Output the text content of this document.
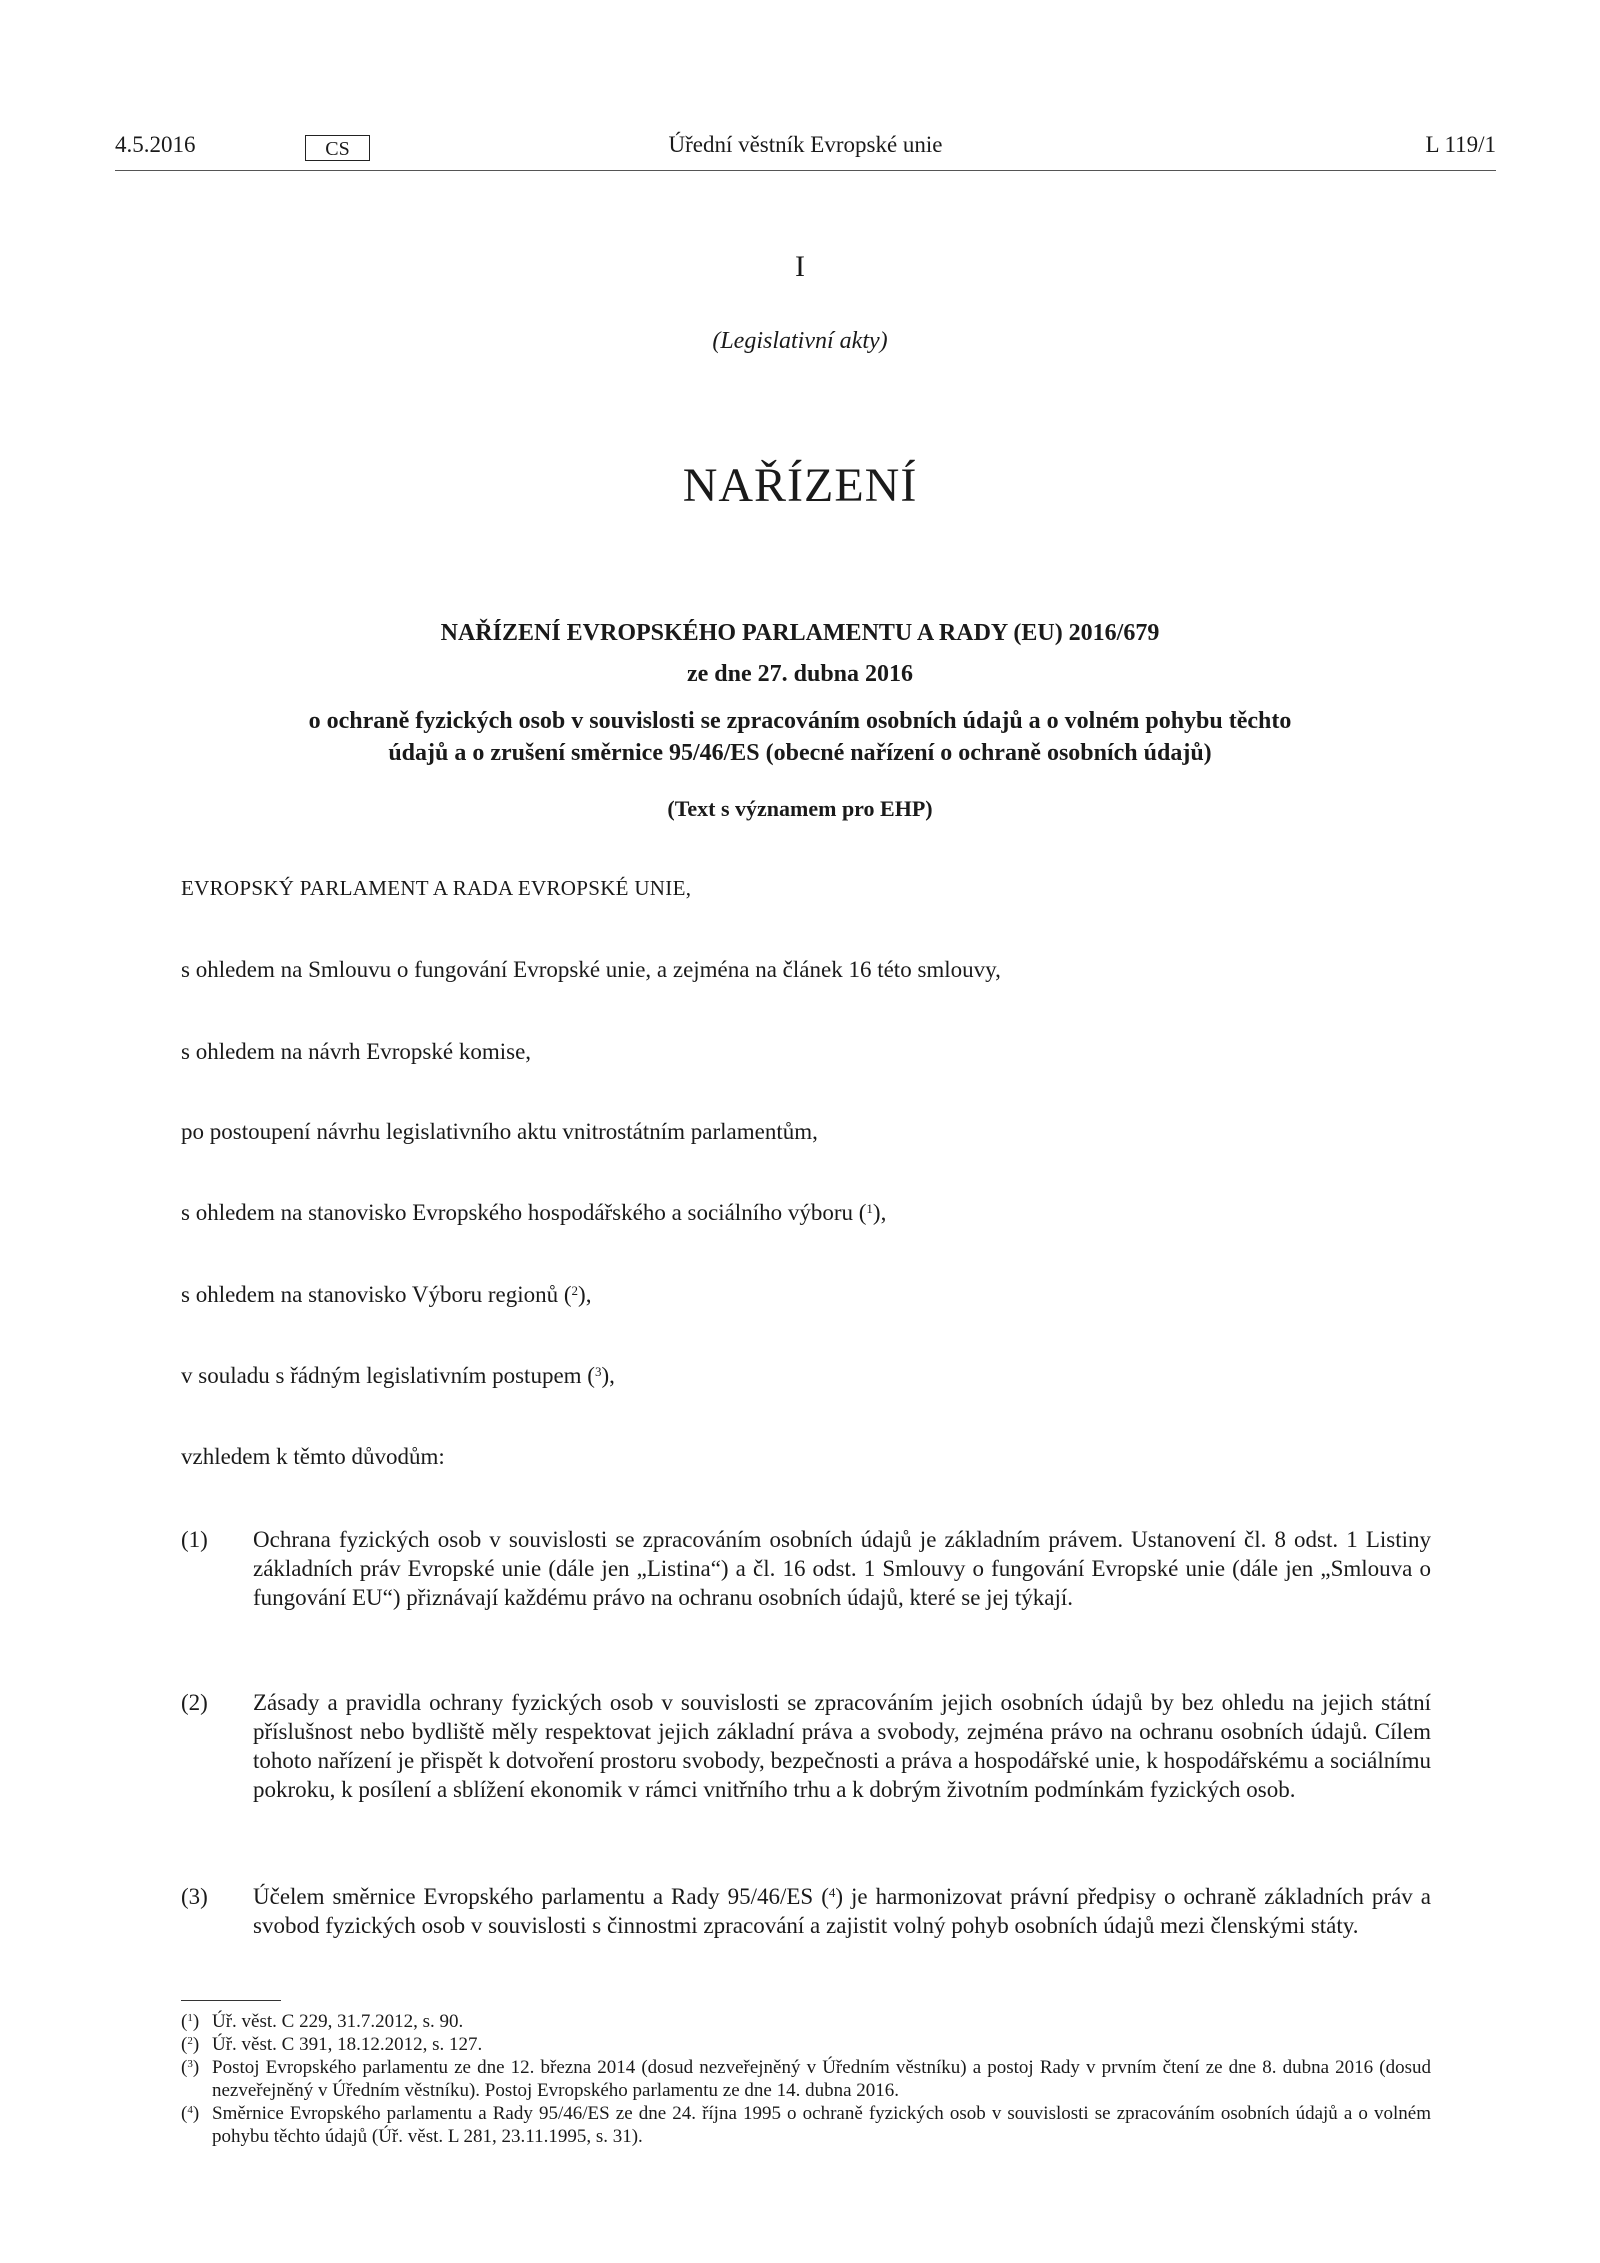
Úřední věstník Evropské unie
4.5.2016	CS	L 119/1
I
(Legislativní akty)
NAŘÍZENÍ
NAŘÍZENÍ EVROPSKÉHO PARLAMENTU A RADY (EU) 2016/679
ze dne 27. dubna 2016
o ochraně fyzických osob v souvislosti se zpracováním osobních údajů a o volném pohybu těchto
údajů a o zrušení směrnice 95/46/ES (obecné nařízení o ochraně osobních údajů)
(Text s významem pro EHP)
EVROPSKÝ PARLAMENT A RADA EVROPSKÉ UNIE,
s ohledem na Smlouvu o fungování Evropské unie, a zejména na článek 16 této smlouvy,
s ohledem na návrh Evropské komise,
po postoupení návrhu legislativního aktu vnitrostátním parlamentům,
s ohledem na stanovisko Evropského hospodářského a sociálního výboru ($^1$),
s ohledem na stanovisko Výboru regionů ($^2$),
v souladu s řádným legislativním postupem ($^3$),
vzhledem k těmto důvodům:
(1) Ochrana fyzických osob v souvislosti se zpracováním osobních údajů je základním právem. Ustanovení čl. 8 odst. 1 Listiny základních práv Evropské unie (dále jen „Listina“) a čl. 16 odst. 1 Smlouvy o fungování Evropské unie (dále jen „Smlouva o fungování EU“) přiznávají každému právo na ochranu osobních údajů, které se jej týkají.
(2) Zásady a pravidla ochrany fyzických osob v souvislosti se zpracováním jejich osobních údajů by bez ohledu na jejich státní příslušnost nebo bydliště měly respektovat jejich základní práva a svobody, zejména právo na ochranu osobních údajů. Cílem tohoto nařízení je přispět k dotvoření prostoru svobody, bezpečnosti a práva a hospodářské unie, k hospodářskému a sociálnímu pokroku, k posílení a sblížení ekonomik v rámci vnitřního trhu a k dobrým životním podmínkám fyzických osob.
(3) Účelem směrnice Evropského parlamentu a Rady 95/46/ES ($^4$) je harmonizovat právní předpisy o ochraně základních práv a svobod fyzických osob v souvislosti s činnostmi zpracování a zajistit volný pohyb osobních údajů mezi členskými státy.
($^1$) Úř. věst. C 229, 31.7.2012, s. 90.
($^2$) Úř. věst. C 391, 18.12.2012, s. 127.
($^3$) Postoj Evropského parlamentu ze dne 12. března 2014 (dosud nezveřejněný v Úředním věstníku) a postoj Rady v prvním čtení ze dne 8. dubna 2016 (dosud nezveřejněný v Úředním věstníku). Postoj Evropského parlamentu ze dne 14. dubna 2016.
($^4$) Směrnice Evropského parlamentu a Rady 95/46/ES ze dne 24. října 1995 o ochraně fyzických osob v souvislosti se zpracováním osobních údajů a o volném pohybu těchto údajů (Úř. věst. L 281, 23.11.1995, s. 31).
